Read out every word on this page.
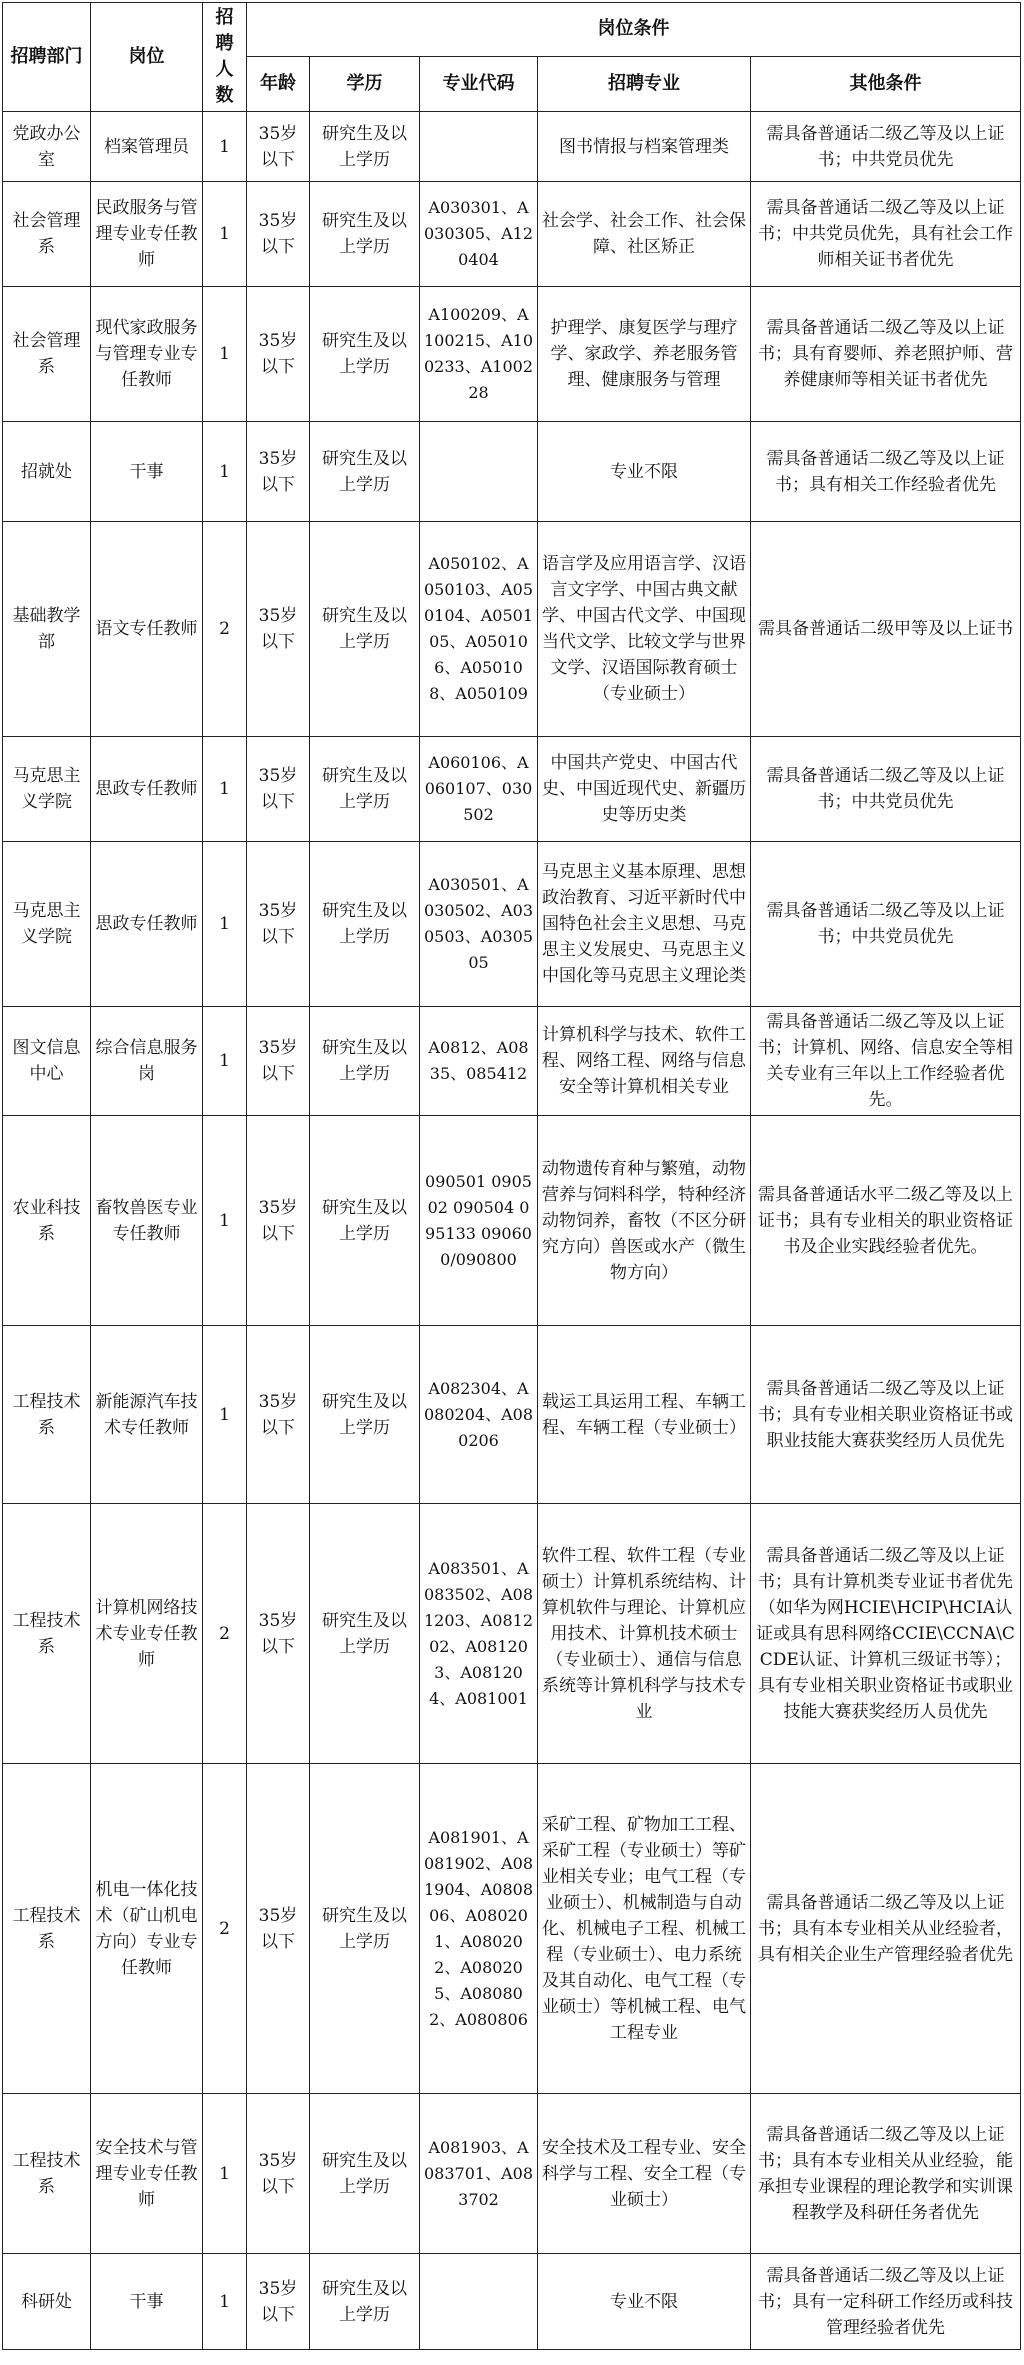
招聘部门	岗位	招聘人数	岗位条件				
			年龄	学历	专业代码	招聘专业	其他条件
党政办公室	档案管理员	1	35岁以下	研究生及以上学历		图书情报与档案管理类	需具备普通话二级乙等及以上证书；中共党员优先
社会管理系	民政服务与管理专业专任教师	1	35岁以下	研究生及以上学历	A030301、A030305、A120404	社会学、社会工作、社会保障、社区矫正	需具备普通话二级乙等及以上证书；中共党员优先，具有社会工作师相关证书者优先
社会管理系	现代家政服务与管理专业专任教师	1	35岁以下	研究生及以上学历	A100209、A100215、A100233、A100228	护理学、康复医学与理疗学、家政学、养老服务管理、健康服务与管理	需具备普通话二级乙等及以上证书；具有育婴师、养老照护师、营养健康师等相关证书者优先
招就处	干事	1	35岁以下	研究生及以上学历		专业不限	需具备普通话二级乙等及以上证书；具有相关工作经验者优先
基础教学部	语文专任教师	2	35岁以下	研究生及以上学历	A050102、A050103、A050104、A050105、A050106、A050108、A050109	语言学及应用语言学、汉语言文字学、中国古典文献学、中国古代文学、中国现当代文学、比较文学与世界文学、汉语国际教育硕士（专业硕士）	需具备普通话二级甲等及以上证书
马克思主义学院	思政专任教师	1	35岁以下	研究生及以上学历	A060106、A060107、030502	中国共产党史、中国古代史、中国近现代史、新疆历史等历史类	需具备普通话二级乙等及以上证书；中共党员优先
马克思主义学院	思政专任教师	1	35岁以下	研究生及以上学历	A030501、A030502、A030503、A030505	马克思主义基本原理、思想政治教育、习近平新时代中国特色社会主义思想、马克思主义发展史、马克思主义中国化等马克思主义理论类	需具备普通话二级乙等及以上证书；中共党员优先
图文信息中心	综合信息服务岗	1	35岁以下	研究生及以上学历	A0812、A0835、085412	计算机科学与技术、软件工程、网络工程、网络与信息安全等计算机相关专业	需具备普通话二级乙等及以上证书；计算机、网络、信息安全等相关专业有三年以上工作经验者优先。
农业科技系	畜牧兽医专业专任教师	1	35岁以下	研究生及以上学历	090501 090502 090504 095133 090600/090800	动物遗传育种与繁殖，动物营养与饲料科学，特种经济动物饲养，畜牧（不区分研究方向）兽医或水产（微生物方向）	需具备普通话水平二级乙等及以上证书；具有专业相关的职业资格证书及企业实践经验者优先。
工程技术系	新能源汽车技术专任教师	1	35岁以下	研究生及以上学历	A082304、A080204、A080206	载运工具运用工程、车辆工程、车辆工程（专业硕士）	需具备普通话二级乙等及以上证书；具有专业相关职业资格证书或职业技能大赛获奖经历人员优先
工程技术系	计算机网络技术专业专任教师	2	35岁以下	研究生及以上学历	A083501、A083502、A081203、A081202、A081203、A081204、A081001	软件工程、软件工程（专业硕士）计算机系统结构、计算机软件与理论、计算机应用技术、计算机技术硕士（专业硕士）、通信与信息系统等计算机科学与技术专业	需具备普通话二级乙等及以上证书；具有计算机类专业证书者优先（如华为网HCIE\HCIP\HCIA认证或具有思科网络CCIE\CCNA\CCDE认证、计算机三级证书等）；具有专业相关职业资格证书或职业技能大赛获奖经历人员优先
工程技术系	机电一体化技术（矿山机电方向）专业专任教师	2	35岁以下	研究生及以上学历	A081901、A081902、A081904、A080806、A080201、A080202、A080205、A080802、A080806	采矿工程、矿物加工工程、采矿工程（专业硕士）等矿业相关专业；电气工程（专业硕士）、机械制造与自动化、机械电子工程、机械工程（专业硕士）、电力系统及其自动化、电气工程（专业硕士）等机械工程、电气工程专业	需具备普通话二级乙等及以上证书；具有本专业相关从业经验者，具有相关企业生产管理经验者优先
工程技术系	安全技术与管理专业专任教师	1	35岁以下	研究生及以上学历	A081903、A083701、A083702	安全技术及工程专业、安全科学与工程、安全工程（专业硕士）	需具备普通话二级乙等及以上证书；具有本专业相关从业经验，能承担专业课程的理论教学和实训课程教学及科研任务者优先
科研处	干事	1	35岁以下	研究生及以上学历		专业不限	需具备普通话二级乙等及以上证书；具有一定科研工作经历或科技管理经验者优先
